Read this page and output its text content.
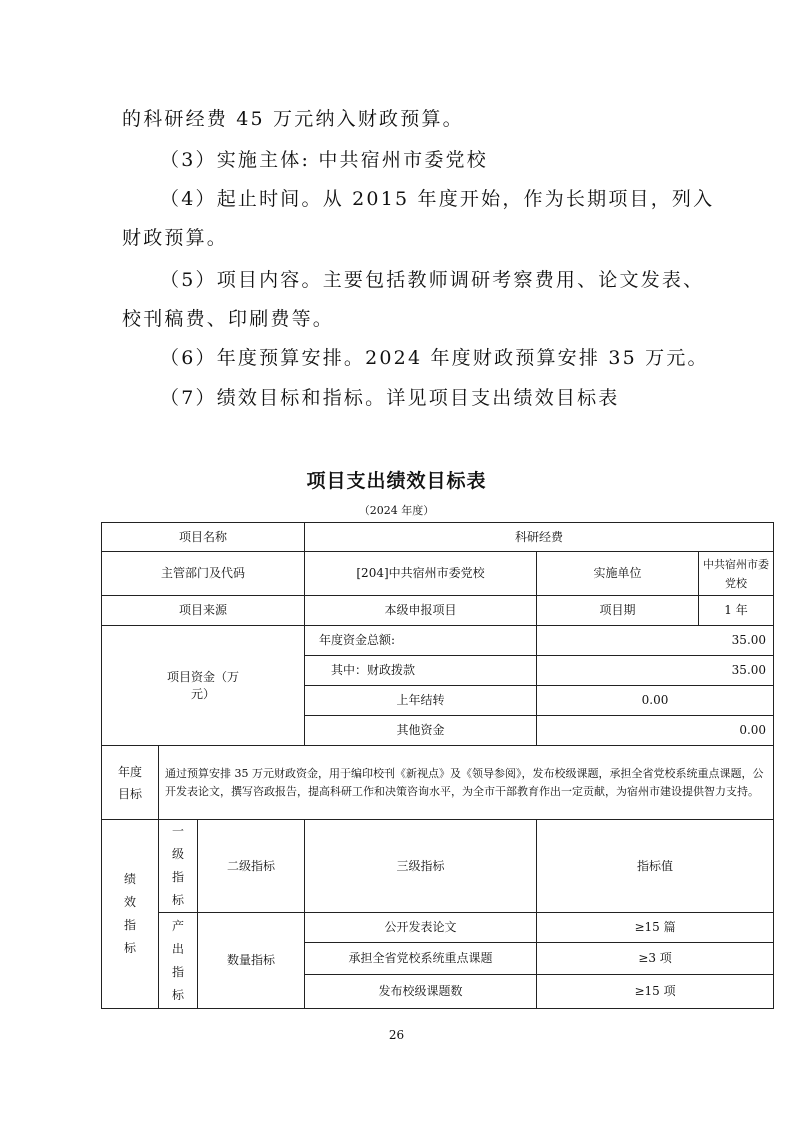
的科研经费 45 万元纳入财政预算。
（3）实施主体: 中共宿州市委党校
（4）起止时间。从 2015 年度开始，作为长期项目，列入
财政预算。
（5）项目内容。主要包括教师调研考察费用、论文发表、
校刊稿费、印刷费等。
（6）年度预算安排。2024 年度财政预算安排 35 万元。
（7）绩效目标和指标。详见项目支出绩效目标表
项目支出绩效目标表
（2024 年度）
项目名称			科研经费		
主管部门及代码			[204]中共宿州市委党校	实施单位	中共宿州市委党校
项目来源			本级申报项目	项目期	1 年
项目资金（万元）			年度资金总额:	35.00	
			其中：财政拨款	35.00	
			上年结转	0.00	
			其他资金	0.00	
年度目标	通过预算安排 35 万元财政资金，用于编印校刊《新视点》及《领导参阅》，发布校级课题，承担全省党校系统重点课题，公开发表论文，撰写咨政报告，提高科研工作和决策咨询水平，为全市干部教育作出一定贡献，为宿州市建设提供智力支持。				
绩效指标	一级指标	二级指标	三级指标	指标值	
	产出指标	数量指标	公开发表论文	≥15 篇	
			承担全省党校系统重点课题	≥3 项	
			发布校级课题数	≥15 项	
26
